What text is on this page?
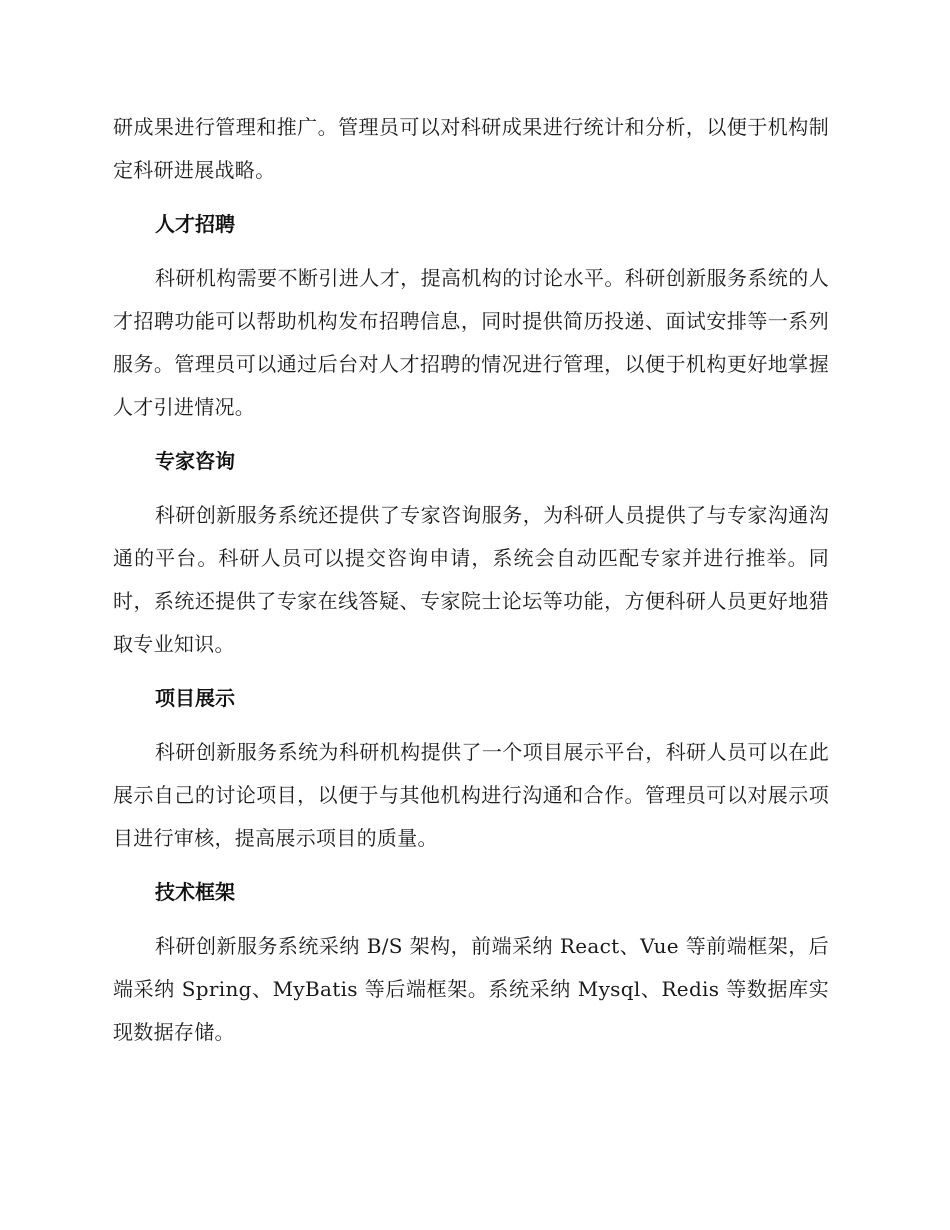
研成果进行管理和推广。管理员可以对科研成果进行统计和分析，以便于机构制定科研进展战略。

人才招聘

科研机构需要不断引进人才，提高机构的讨论水平。科研创新服务系统的人才招聘功能可以帮助机构发布招聘信息，同时提供简历投递、面试安排等一系列服务。管理员可以通过后台对人才招聘的情况进行管理，以便于机构更好地掌握人才引进情况。

专家咨询

科研创新服务系统还提供了专家咨询服务，为科研人员提供了与专家沟通沟通的平台。科研人员可以提交咨询申请，系统会自动匹配专家并进行推举。同时，系统还提供了专家在线答疑、专家院士论坛等功能，方便科研人员更好地猎取专业知识。

项目展示

科研创新服务系统为科研机构提供了一个项目展示平台，科研人员可以在此展示自己的讨论项目，以便于与其他机构进行沟通和合作。管理员可以对展示项目进行审核，提高展示项目的质量。

技术框架

科研创新服务系统采纳 B/S 架构，前端采纳 React、Vue 等前端框架，后端采纳 Spring、MyBatis 等后端框架。系统采纳 Mysql、Redis 等数据库实现数据存储。
